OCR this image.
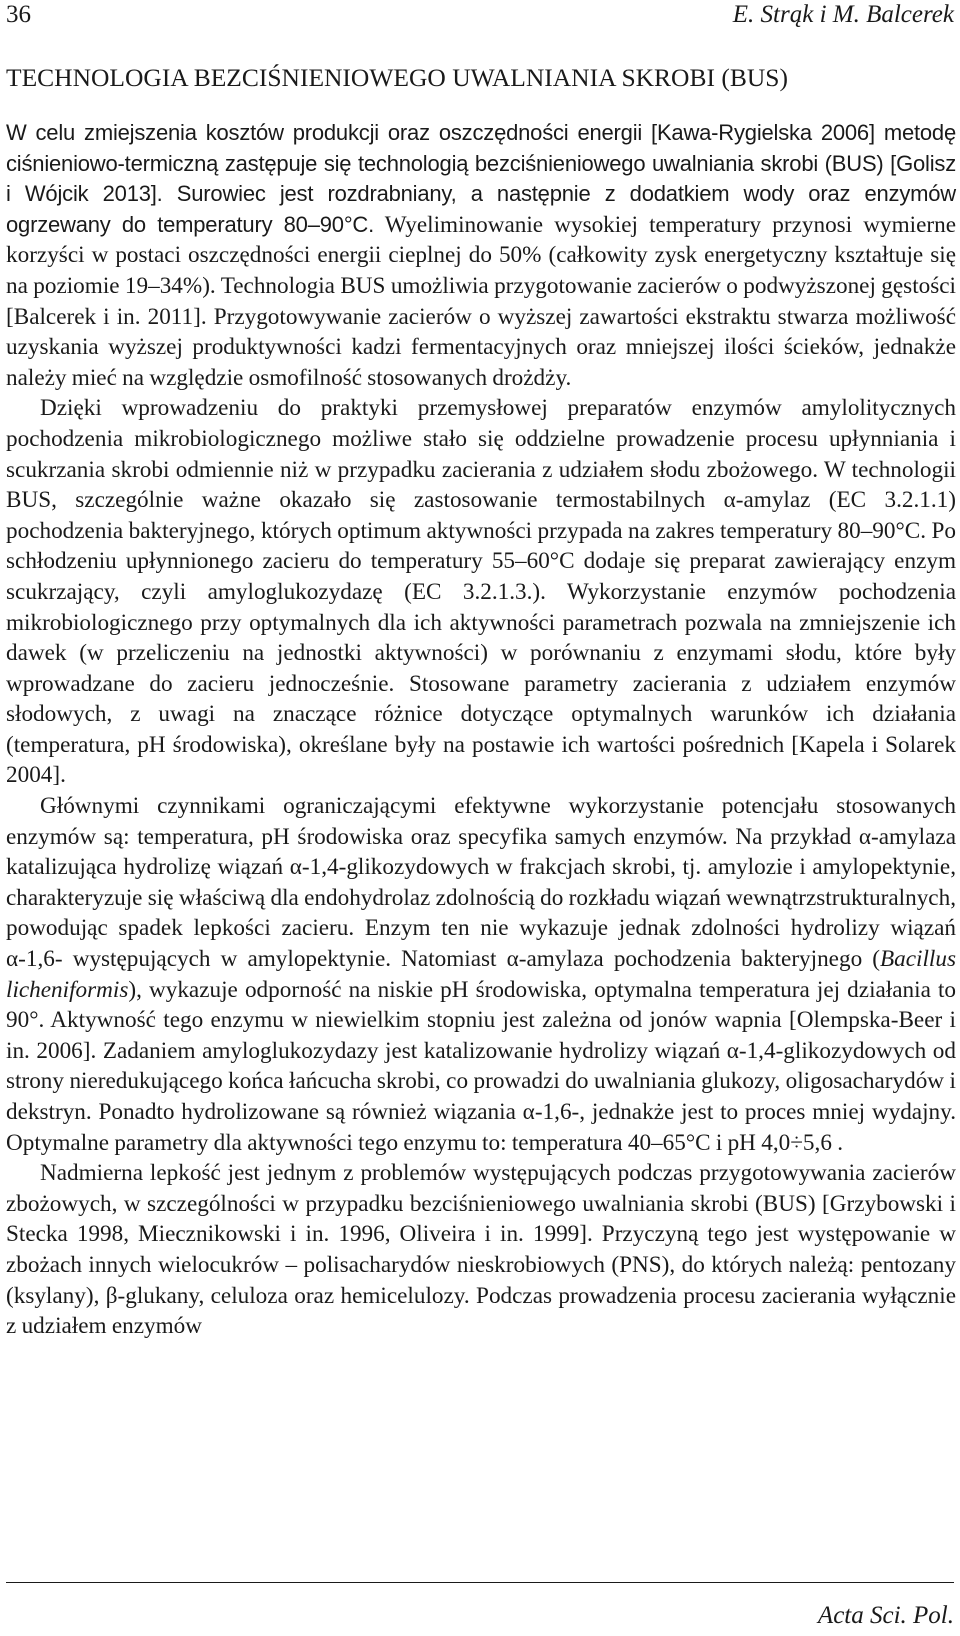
36	E. Strąk i M. Balcerek
TECHNOLOGIA BEZCIŚNIENIOWEGO UWALNIANIA SKROBI (BUS)

W celu zmiejszenia kosztów produkcji oraz oszczędności energii [Kawa-Rygielska 2006] metodę ciśnieniowo-termiczną zastępuje się technologią bezciśnieniowego uwalniania skrobi (BUS) [Golisz i Wójcik 2013]. Surowiec jest rozdrabniany, a następnie z dodatkiem wody oraz enzymów ogrzewany do temperatury 80–90°C. Wyeliminowanie wysokiej temperatury przynosi wymierne korzyści w postaci oszczędności energii cieplnej do 50% (całkowity zysk energetyczny kształtuje się na poziomie 19–34%). Technologia BUS umożliwia przygotowanie zacierów o podwyższonej gęstości [Balcerek i in. 2011]. Przygotowywanie zacierów o wyższej zawartości ekstraktu stwarza możliwość uzyskania wyższej produktywności kadzi fermentacyjnych oraz mniejszej ilości ścieków, jednakże należy mieć na względzie osmofilność stosowanych drożdży.

Dzięki wprowadzeniu do praktyki przemysłowej preparatów enzymów amylolitycznych pochodzenia mikrobiologicznego możliwe stało się oddzielne prowadzenie procesu upłynniania i scukrzania skrobi odmiennie niż w przypadku zacierania z udziałem słodu zbożowego. W technologii BUS, szczególnie ważne okazało się zastosowanie termostabilnych α-amylaz (EC 3.2.1.1) pochodzenia bakteryjnego, których optimum aktywności przypada na zakres temperatury 80–90°C. Po schłodzeniu upłynnionego zacieru do temperatury 55–60°C dodaje się preparat zawierający enzym scukrzający, czyli amyloglukozydazę (EC 3.2.1.3.). Wykorzystanie enzymów pochodzenia mikrobiologicznego przy optymalnych dla ich aktywności parametrach pozwala na zmniejszenie ich dawek (w przeliczeniu na jednostki aktywności) w porównaniu z enzymami słodu, które były wprowadzane do zacieru jednocześnie. Stosowane parametry zacierania z udziałem enzymów słodowych, z uwagi na znaczące różnice dotyczące optymalnych warunków ich działania (temperatura, pH środowiska), określane były na postawie ich wartości pośrednich [Kapela i Solarek 2004].

Głównymi czynnikami ograniczającymi efektywne wykorzystanie potencjału stosowanych enzymów są: temperatura, pH środowiska oraz specyfika samych enzymów. Na przykład α-amylaza katalizująca hydrolizę wiązań α-1,4-glikozydowych w frakcjach skrobi, tj. amylozie i amylopektynie, charakteryzuje się właściwą dla endohydrolaz zdolnością do rozkładu wiązań wewnątrzstrukturalnych, powodując spadek lepkości zacieru. Enzym ten nie wykazuje jednak zdolności hydrolizy wiązań α-1,6- występujących w amylopektynie. Natomiast α-amylaza pochodzenia bakteryjnego (Bacillus licheniformis), wykazuje odporność na niskie pH środowiska, optymalna temperatura jej działania to 90°. Aktywność tego enzymu w niewielkim stopniu jest zależna od jonów wapnia [Olempska-Beer i in. 2006]. Zadaniem amyloglukozydazy jest katalizowanie hydrolizy wiązań α-1,4-glikozydowych od strony nieredukującego końca łańcucha skrobi, co prowadzi do uwalniania glukozy, oligosacharydów i dekstryn. Ponadto hydrolizowane są również wiązania α-1,6-, jednakże jest to proces mniej wydajny. Optymalne parametry dla aktywności tego enzymu to: temperatura 40–65°C i pH 4,0÷5,6 .

Nadmierna lepkość jest jednym z problemów występujących podczas przygotowywania zacierów zbożowych, w szczególności w przypadku bezciśnieniowego uwalniania skrobi (BUS) [Grzybowski i Stecka 1998, Miecznikowski i in. 1996, Oliveira i in. 1999]. Przyczyną tego jest występowanie w zbożach innych wielocukrów – polisacharydów nieskrobiowych (PNS), do których należą: pentozany (ksylany), β-glukany, celuloza oraz hemicelulozy. Podczas prowadzenia procesu zacierania wyłącznie z udziałem enzymów

Acta Sci. Pol.
